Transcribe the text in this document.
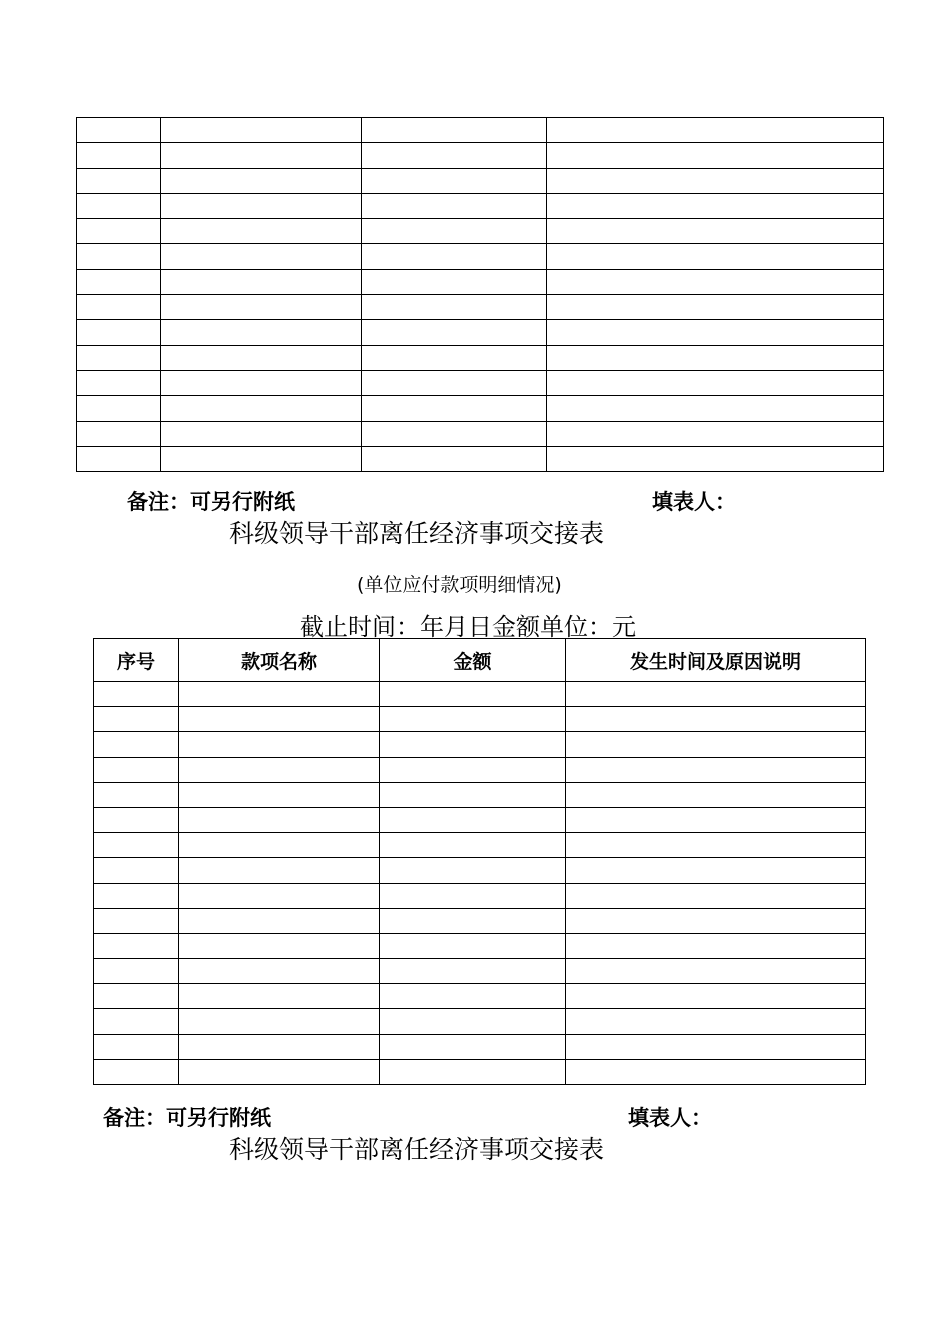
备注：可另行附纸	填表人：
科级领导干部离任经济事项交接表
(单位应付款项明细情况)
截止时间：年月日金额单位：元
序号	款项名称	金额	发生时间及原因说明

备注：可另行附纸	填表人：
科级领导干部离任经济事项交接表
